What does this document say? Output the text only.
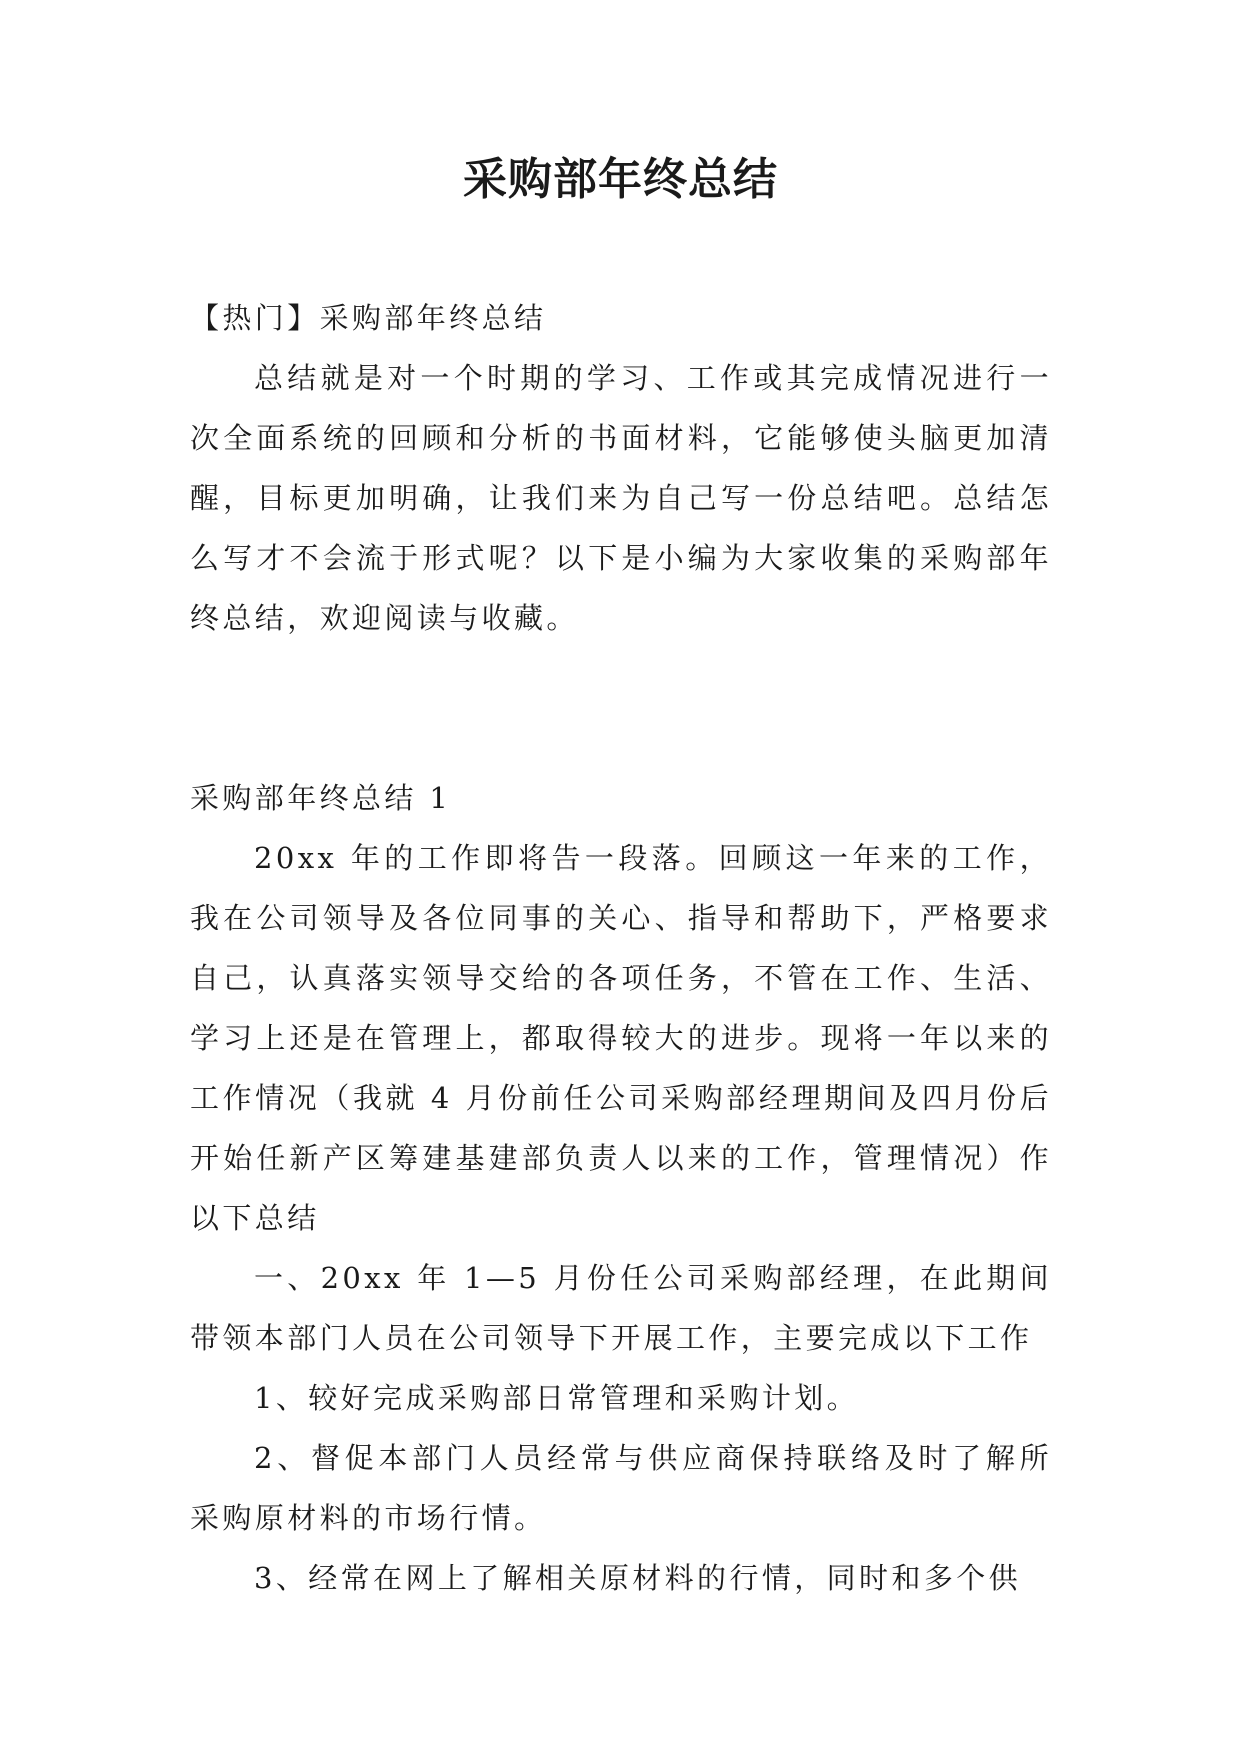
采购部年终总结

【热门】采购部年终总结

总结就是对一个时期的学习、工作或其完成情况进行一次全面系统的回顾和分析的书面材料，它能够使头脑更加清醒，目标更加明确，让我们来为自己写一份总结吧。总结怎么写才不会流于形式呢？以下是小编为大家收集的采购部年终总结，欢迎阅读与收藏。

采购部年终总结 1

20xx 年的工作即将告一段落。回顾这一年来的工作，我在公司领导及各位同事的关心、指导和帮助下，严格要求自己，认真落实领导交给的各项任务，不管在工作、生活、学习上还是在管理上，都取得较大的进步。现将一年以来的工作情况（我就 4 月份前任公司采购部经理期间及四月份后开始任新产区筹建基建部负责人以来的工作，管理情况）作以下总结

一、20xx 年 1—5 月份任公司采购部经理，在此期间带领本部门人员在公司领导下开展工作，主要完成以下工作

1、较好完成采购部日常管理和采购计划。

2、督促本部门人员经常与供应商保持联络及时了解所采购原材料的市场行情。

3、经常在网上了解相关原材料的行情，同时和多个供
